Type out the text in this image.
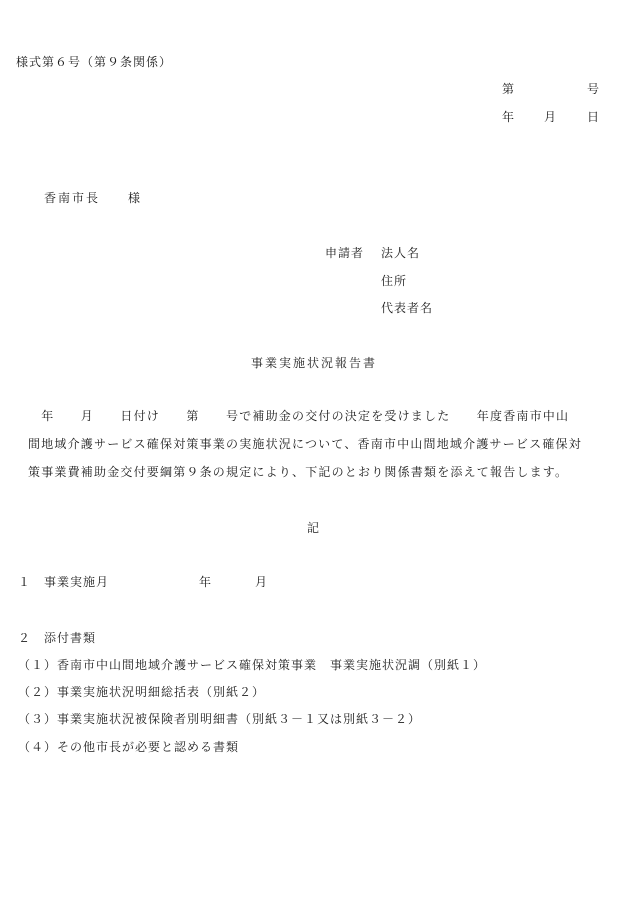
様式第６号（第９条関係）
第	号
年 月 日
香南市長 様
申請者 法人名
住所
代表者名
事業実施状況報告書
　年　　月　　日付け　　第　　号で補助金の交付の決定を受けました　　年度香南市中山
間地域介護サービス確保対策事業の実施状況について、香南市中山間地域介護サービス確保対
策事業費補助金交付要綱第９条の規定により、下記のとおり関係書類を添えて報告します。
記
１ 事業実施月	年	月
２ 添付書類
（１）香南市中山間地域介護サービス確保対策事業　事業実施状況調（別紙１）
（２）事業実施状況明細総括表（別紙２）
（３）事業実施状況被保険者別明細書（別紙３－１又は別紙３－２）
（４）その他市長が必要と認める書類
